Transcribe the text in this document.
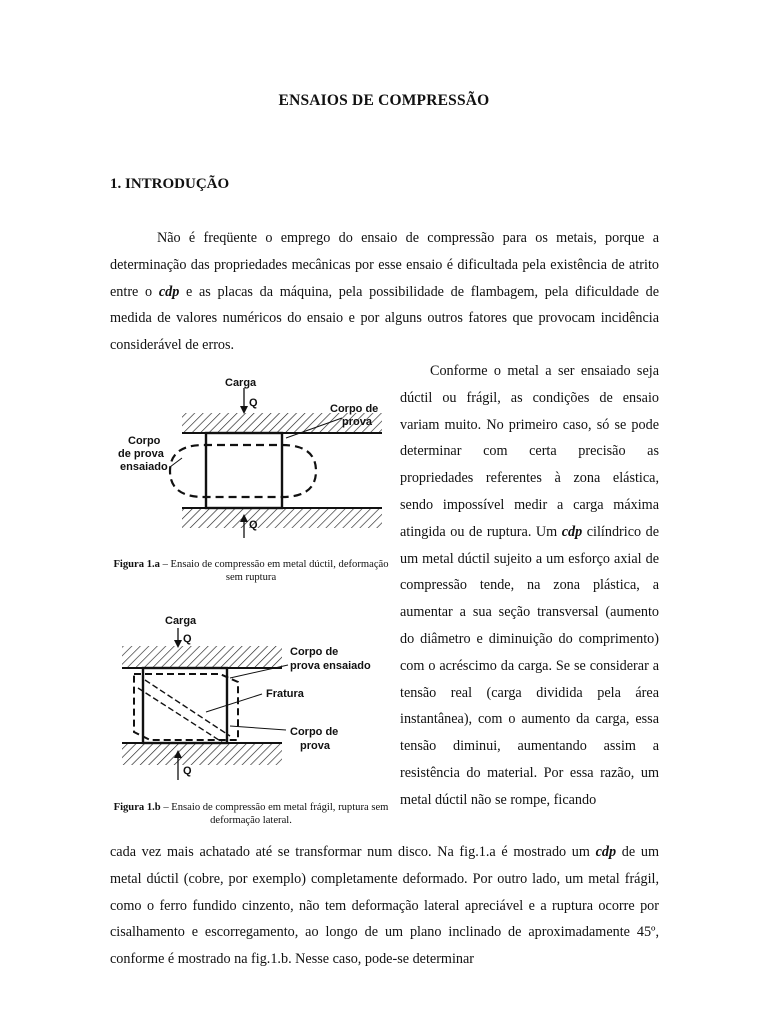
ENSAIOS DE COMPRESSÃO
1. INTRODUÇÃO

Não é freqüente o emprego do ensaio de compressão para os metais, porque a determinação das propriedades mecânicas por esse ensaio é dificultada pela existência de atrito entre o cdp e as placas da máquina, pela possibilidade de flambagem, pela dificuldade de medida de valores numéricos do ensaio e por alguns outros fatores que provocam incidência considerável de erros.

Conforme o metal a ser ensaiado seja dúctil ou frágil, as condições de ensaio variam muito. No primeiro caso, só se pode determinar com certa precisão as propriedades referentes à zona elástica, sendo impossível medir a carga máxima atingida ou de ruptura. Um cdp cilíndrico de um metal dúctil sujeito a um esforço axial de compressão tende, na zona plástica, a aumentar a sua seção transversal (aumento do diâmetro e diminuição do comprimento) com o acréscimo da carga. Se se considerar a tensão real (carga dividida pela área instantânea), com o aumento da carga, essa tensão diminui, aumentando assim a resistência do material. Por essa razão, um metal dúctil não se rompe, ficando

cada vez mais achatado até se transformar num disco. Na fig.1.a é mostrado um cdp de um metal dúctil (cobre, por exemplo) completamente deformado. Por outro lado, um metal frágil, como o ferro fundido cinzento, não tem deformação lateral apreciável e a ruptura ocorre por cisalhamento e escorregamento, ao longo de um plano inclinado de aproximadamente 45º, conforme é mostrado na fig.1.b. Nesse caso, pode-se determinar

Carga
Q
Q
Corpo de
prova
Corpo
de prova
ensaiado
Figura 1.a – Ensaio de compressão em metal dúctil, deformação sem ruptura
Carga
Q
Q
Corpo de
prova ensaiado
Fratura
Corpo de
prova
Figura 1.b – Ensaio de compressão em metal frágil, ruptura sem deformação lateral.
